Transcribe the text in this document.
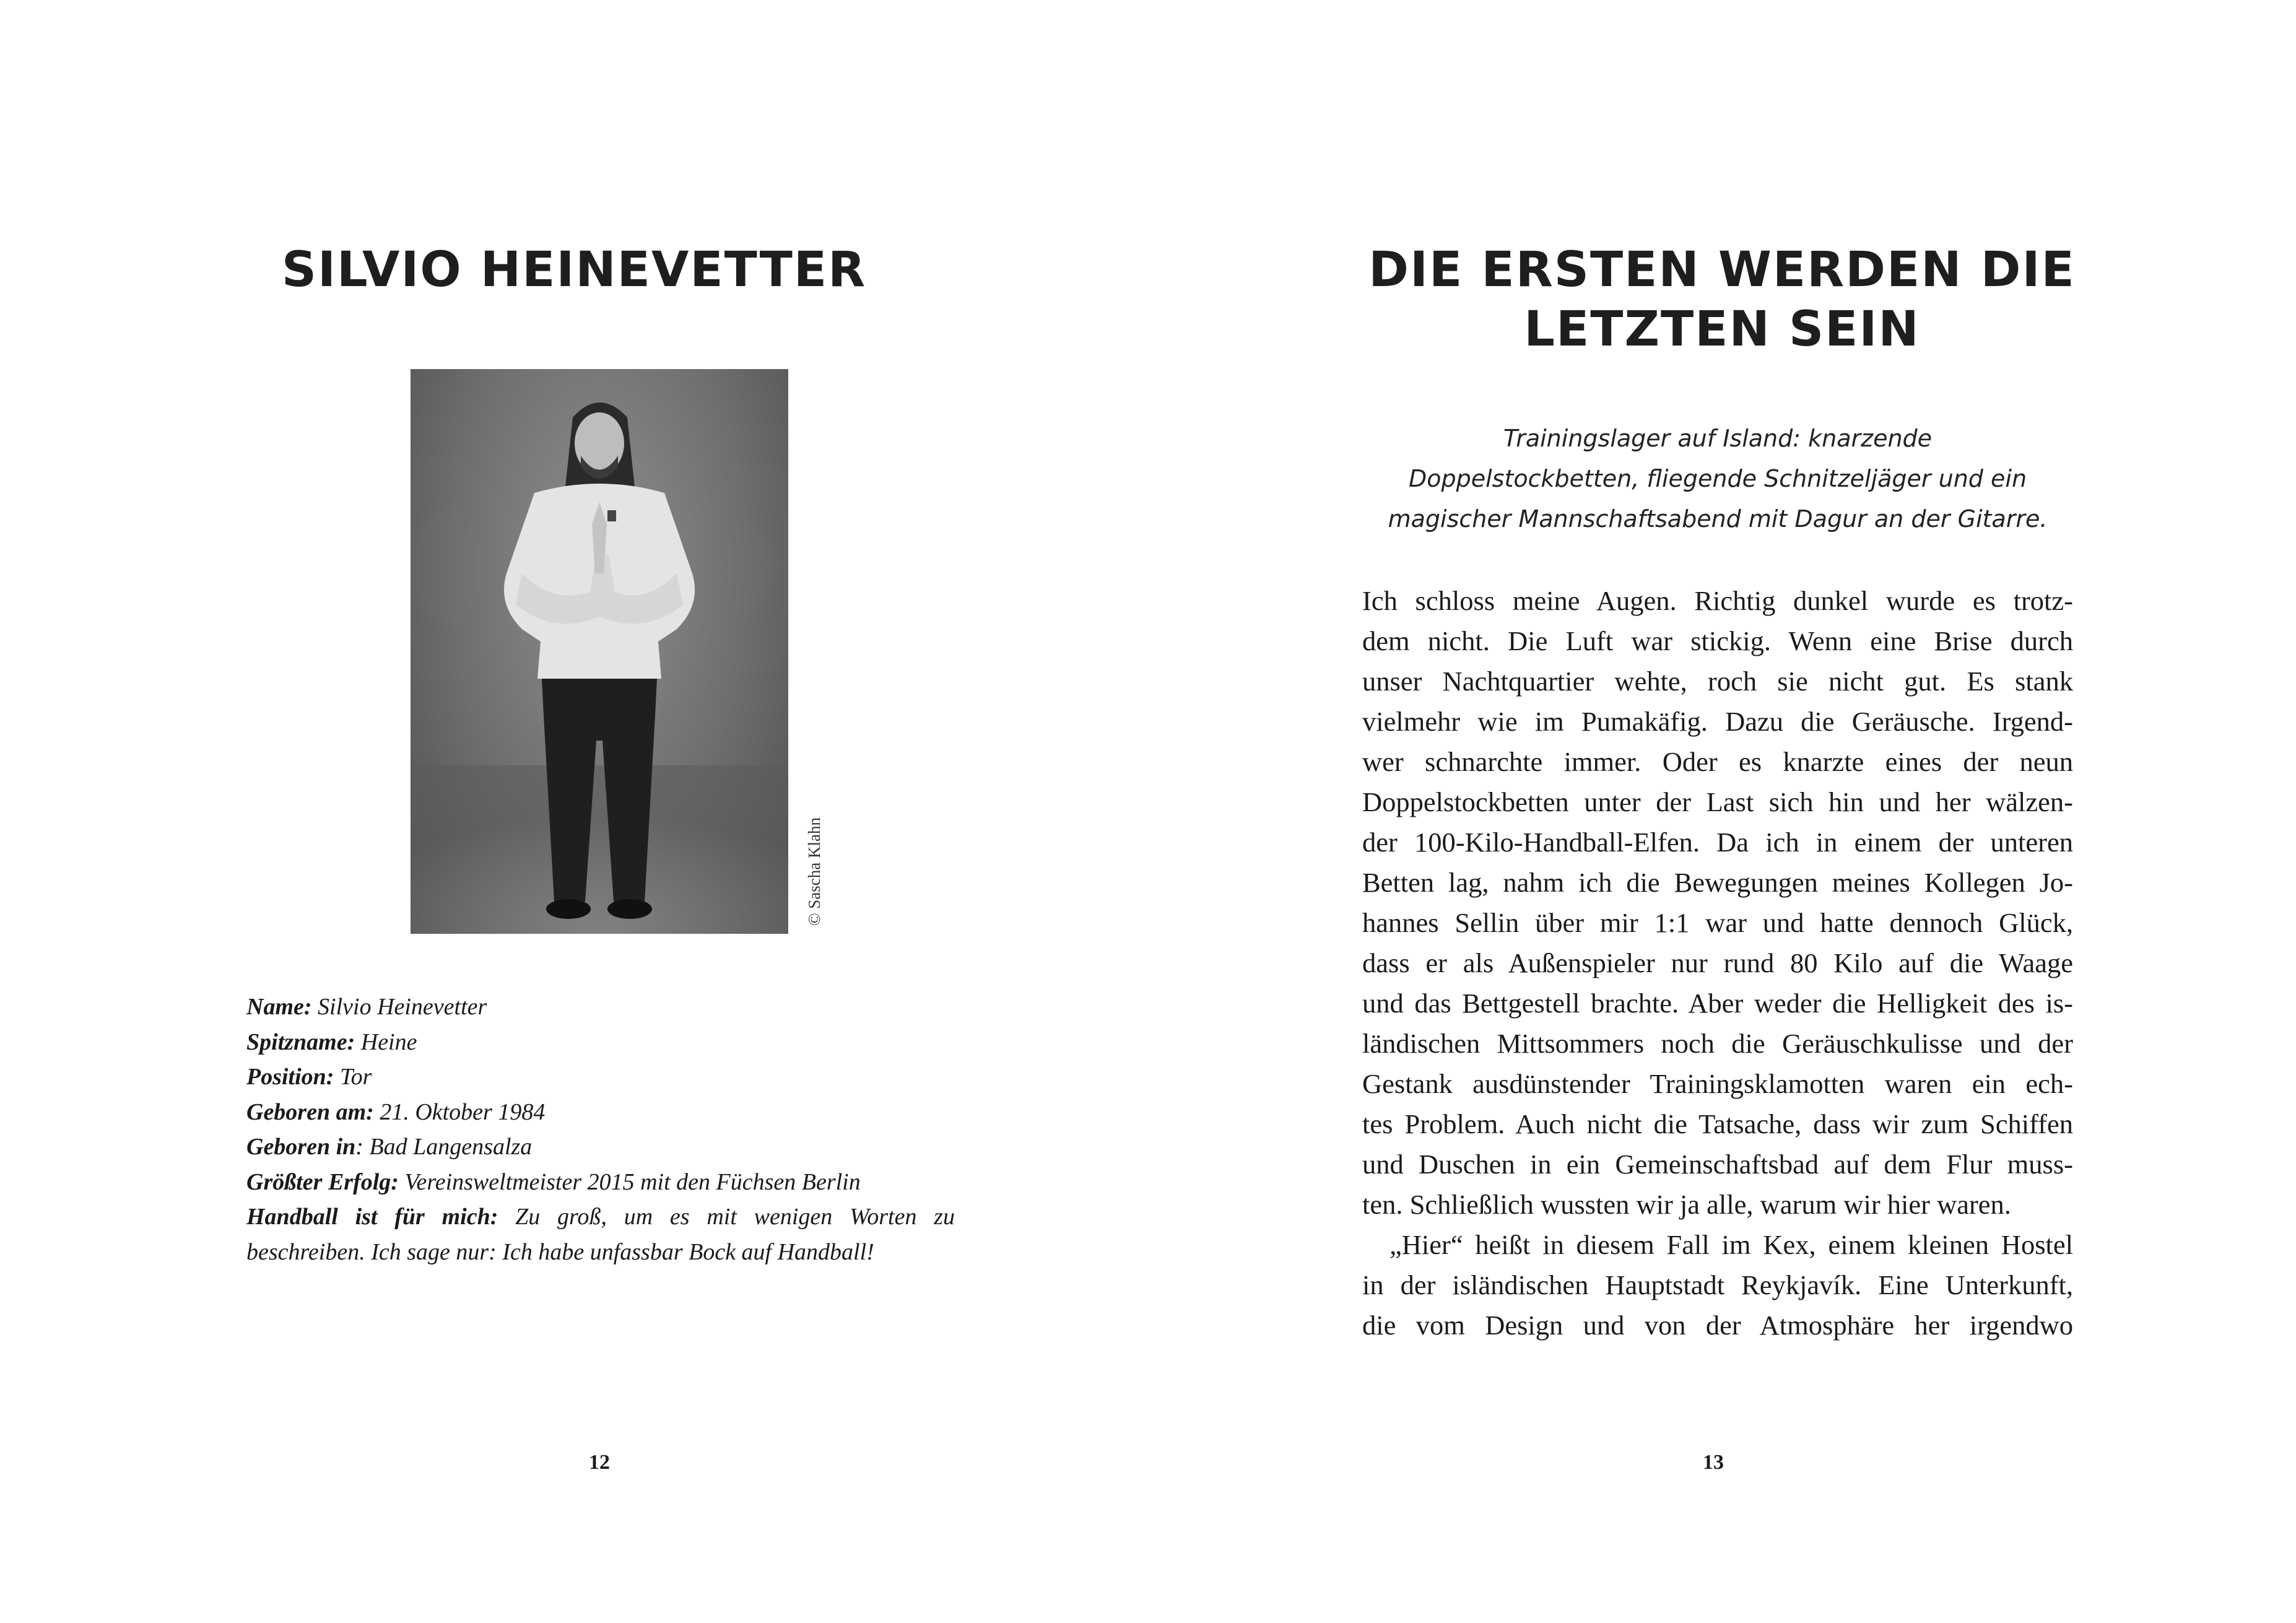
SILVIO HEINEVETTER
© Sascha Klahn
Name: Silvio Heinevetter
Spitzname: Heine
Position: Tor
Geboren am: 21. Oktober 1984
Geboren in: Bad Langensalza
Größter Erfolg: Vereinsweltmeister 2015 mit den Füchsen Berlin
Handball ist für mich: Zu groß, um es mit wenigen Worten zu
beschreiben. Ich sage nur: Ich habe unfassbar Bock auf Handball!
12
DIE ERSTEN WERDEN DIE
LETZTEN SEIN
Trainingslager auf Island: knarzende
Doppelstockbetten, fliegende Schnitzeljäger und ein
magischer Mannschaftsabend mit Dagur an der Gitarre.
Ich schloss meine Augen. Richtig dunkel wurde es trotz-
dem nicht. Die Luft war stickig. Wenn eine Brise durch
unser Nachtquartier wehte, roch sie nicht gut. Es stank
vielmehr wie im Pumakäfig. Dazu die Geräusche. Irgend-
wer schnarchte immer. Oder es knarzte eines der neun
Doppelstockbetten unter der Last sich hin und her wälzen-
der 100-Kilo-Handball-Elfen. Da ich in einem der unteren
Betten lag, nahm ich die Bewegungen meines Kollegen Jo-
hannes Sellin über mir 1:1 war und hatte dennoch Glück,
dass er als Außenspieler nur rund 80 Kilo auf die Waage
und das Bettgestell brachte. Aber weder die Helligkeit des is-
ländischen Mittsommers noch die Geräuschkulisse und der
Gestank ausdünstender Trainingsklamotten waren ein ech-
tes Problem. Auch nicht die Tatsache, dass wir zum Schiffen
und Duschen in ein Gemeinschaftsbad auf dem Flur muss-
ten. Schließlich wussten wir ja alle, warum wir hier waren.
„Hier“ heißt in diesem Fall im Kex, einem kleinen Hostel
in der isländischen Hauptstadt Reykjavík. Eine Unterkunft,
die vom Design und von der Atmosphäre her irgendwo
13
